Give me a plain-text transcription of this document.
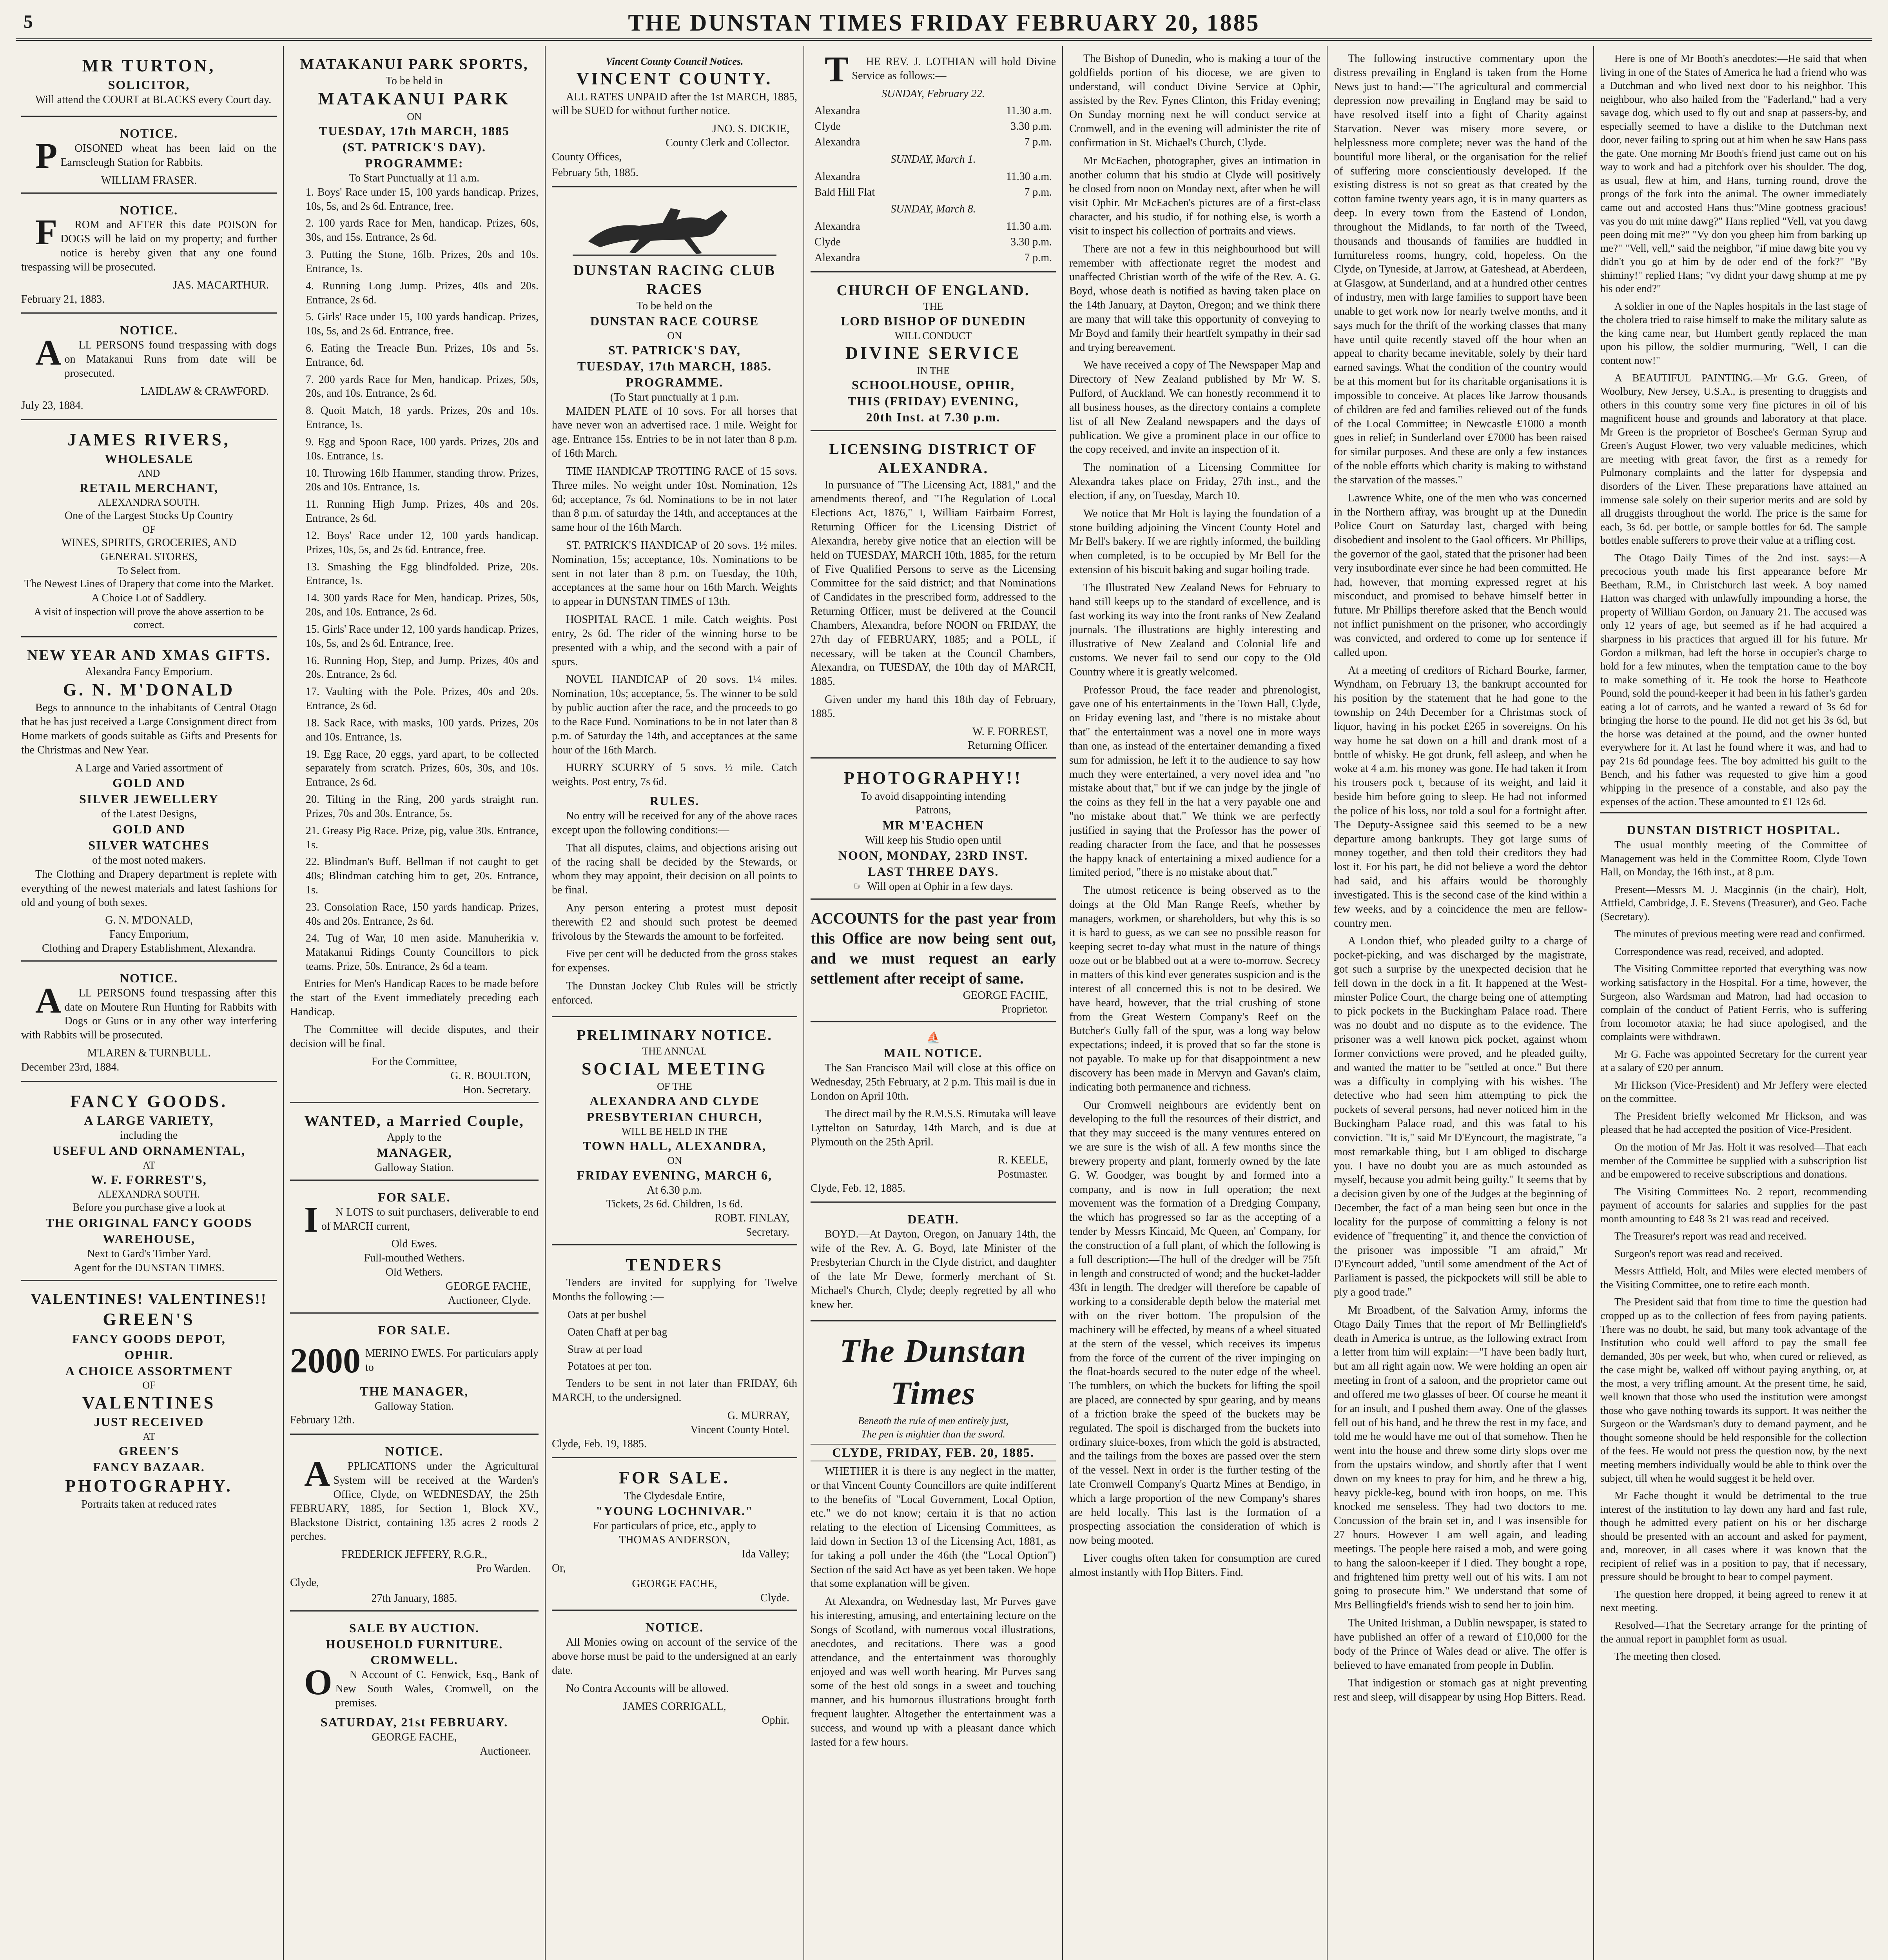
5	THE DUNSTAN TIMES FRIDAY FEBRUARY 20, 1885
MR TURTON,
SOLICITOR,

Will attend the COURT at BLACKS every Court day.

NOTICE.

POISONED wheat has been laid on the Earnscleugh Station for Rabbits.

WILLIAM FRASER.
NOTICE.

FROM and AFTER this date POISON for DOGS will be laid on my property; and further notice is hereby given that any one found trespassing will be prosecuted.

JAS. MACARTHUR.
February 21, 1883.
NOTICE.

ALL PERSONS found trespassing with dogs on Matakanui Runs from date will be prosecuted.

LAIDLAW & CRAWFORD.
July 23, 1884.
JAMES RIVERS,
WHOLESALE
AND
RETAIL MERCHANT,
ALEXANDRA SOUTH.
One of the Largest Stocks Up Country
OF
WINES, SPIRITS, GROCERIES, AND
GENERAL STORES,
To Select from.
The Newest Lines of Drapery that come into the Market.
A Choice Lot of Saddlery.
A visit of inspection will prove the above assertion to be correct.
NEW YEAR AND XMAS GIFTS.
Alexandra Fancy Emporium.
G. N. M'DONALD

Begs to announce to the inhabitants of Central Otago that he has just received a Large Consignment direct from Home markets of goods suitable as Gifts and Presents for the Christmas and New Year.

A Large and Varied assortment of
GOLD AND
SILVER JEWELLERY
of the Latest Designs,
GOLD AND
SILVER WATCHES
of the most noted makers.

The Clothing and Drapery department is replete with everything of the newest materials and latest fashions for old and young of both sexes.

G. N. M'DONALD,
Fancy Emporium,
Clothing and Drapery Establishment, Alexandra.
NOTICE.

ALL PERSONS found trespassing after this date on Moutere Run Hunting for Rabbits with Dogs or Guns or in any other way interfering with Rabbits will be prosecuted.

M'LAREN & TURNBULL.
December 23rd, 1884.
FANCY GOODS.
A LARGE VARIETY,
including the
USEFUL AND ORNAMENTAL,
AT
W. F. FORREST'S,
ALEXANDRA SOUTH.
Before you purchase give a look at
THE ORIGINAL FANCY GOODS
WAREHOUSE,
Next to Gard's Timber Yard.
Agent for the DUNSTAN TIMES.
VALENTINES! VALENTINES!!
GREEN'S
FANCY GOODS DEPOT,
OPHIR.
A CHOICE ASSORTMENT
OF
VALENTINES
JUST RECEIVED
AT
GREEN'S
FANCY BAZAAR.
PHOTOGRAPHY.
Portraits taken at reduced rates
MATAKANUI PARK SPORTS,
To be held in
MATAKANUI PARK
ON
TUESDAY, 17th MARCH, 1885
(ST. PATRICK'S DAY).
PROGRAMME:
To Start Punctually at 11 a.m.

1. Boys' Race under 15, 100 yards handicap. Prizes, 10s, 5s, and 2s 6d. Entrance, free.

2. 100 yards Race for Men, handicap. Prizes, 60s, 30s, and 15s. Entrance, 2s 6d.

3. Putting the Stone, 16lb. Prizes, 20s and 10s. Entrance, 1s.

4. Running Long Jump. Prizes, 40s and 20s. Entrance, 2s 6d.

5. Girls' Race under 15, 100 yards handicap. Prizes, 10s, 5s, and 2s 6d. Entrance, free.

6. Eating the Treacle Bun. Prizes, 10s and 5s. Entrance, 6d.

7. 200 yards Race for Men, handicap. Prizes, 50s, 20s, and 10s. Entrance, 2s 6d.

8. Quoit Match, 18 yards. Prizes, 20s and 10s. Entrance, 1s.

9. Egg and Spoon Race, 100 yards. Prizes, 20s and 10s. Entrance, 1s.

10. Throwing 16lb Hammer, standing throw. Prizes, 20s and 10s. Entrance, 1s.

11. Running High Jump. Prizes, 40s and 20s. Entrance, 2s 6d.

12. Boys' Race under 12, 100 yards handicap. Prizes, 10s, 5s, and 2s 6d. Entrance, free.

13. Smashing the Egg blindfolded. Prize, 20s. Entrance, 1s.

14. 300 yards Race for Men, handicap. Prizes, 50s, 20s, and 10s. Entrance, 2s 6d.

15. Girls' Race under 12, 100 yards handicap. Prizes, 10s, 5s, and 2s 6d. Entrance, free.

16. Running Hop, Step, and Jump. Prizes, 40s and 20s. Entrance, 2s 6d.

17. Vaulting with the Pole. Prizes, 40s and 20s. Entrance, 2s 6d.

18. Sack Race, with masks, 100 yards. Prizes, 20s and 10s. Entrance, 1s.

19. Egg Race, 20 eggs, yard apart, to be collected separately from scratch. Prizes, 60s, 30s, and 10s. Entrance, 2s 6d.

20. Tilting in the Ring, 200 yards straight run. Prizes, 70s and 30s. Entrance, 5s.

21. Greasy Pig Race. Prize, pig, value 30s. Entrance, 1s.

22. Blindman's Buff. Bellman if not caught to get 40s; Blindman catching him to get, 20s. Entrance, 1s.

23. Consolation Race, 150 yards handicap. Prizes, 40s and 20s. Entrance, 2s 6d.

24. Tug of War, 10 men aside. Manuherikia v. Matakanui Ridings County Councillors to pick teams. Prize, 50s. Entrance, 2s 6d a team.

Entries for Men's Handicap Races to be made before the start of the Event immediately preceding each Handicap.

The Committee will decide disputes, and their decision will be final.

For the Committee,
G. R. BOULTON,
Hon. Secretary.
WANTED, a Married Couple,
Apply to the
MANAGER,
Galloway Station.
FOR SALE.

IN LOTS to suit purchasers, deliverable to end of MARCH current,

Old Ewes.
Full-mouthed Wethers.
Old Wethers.
GEORGE FACHE,
Auctioneer, Clyde.
FOR SALE.
2000 MERINO EWES. For particulars apply to
THE MANAGER,
Galloway Station.
February 12th.
NOTICE.

APPLICATIONS under the Agricultural System will be received at the Warden's Office, Clyde, on WEDNESDAY, the 25th FEBRUARY, 1885, for Section 1, Block XV., Blackstone District, containing 135 acres 2 roods 2 perches.

FREDERICK JEFFERY, R.G.R.,
Pro Warden.
Clyde,
27th January, 1885.
SALE BY AUCTION.
HOUSEHOLD FURNITURE.
CROMWELL.

ON Account of C. Fenwick, Esq., Bank of New South Wales, Cromwell, on the premises.

SATURDAY, 21st FEBRUARY.
GEORGE FACHE,
Auctioneer.
Vincent County Council Notices.
VINCENT COUNTY.

ALL RATES UNPAID after the 1st MARCH, 1885, will be SUED for without further notice.

JNO. S. DICKIE,
County Clerk and Collector.
County Offices,
February 5th, 1885.
DUNSTAN RACING CLUB RACES
To be held on the
DUNSTAN RACE COURSE
ON
ST. PATRICK'S DAY,
TUESDAY, 17th MARCH, 1885.
PROGRAMME.
(To Start punctually at 1 p.m.

MAIDEN PLATE of 10 sovs. For all horses that have never won an advertised race. 1 mile. Weight for age. Entrance 15s. Entries to be in not later than 8 p.m. of 16th March.

TIME HANDICAP TROTTING RACE of 15 sovs. Three miles. No weight under 10st. Nomination, 12s 6d; acceptance, 7s 6d. Nominations to be in not later than 8 p.m. of saturday the 14th, and acceptances at the same hour of the 16th March.

ST. PATRICK'S HANDICAP of 20 sovs. 1½ miles. Nomination, 15s; acceptance, 10s. Nominations to be sent in not later than 8 p.m. on Tuesday, the 10th, acceptances at the same hour on 16th March. Weights to appear in DUNSTAN TIMES of 13th.

HOSPITAL RACE. 1 mile. Catch weights. Post entry, 2s 6d. The rider of the winning horse to be presented with a whip, and the second with a pair of spurs.

NOVEL HANDICAP of 20 sovs. 1¼ miles. Nomination, 10s; acceptance, 5s. The winner to be sold by public auction after the race, and the proceeds to go to the Race Fund. Nominations to be in not later than 8 p.m. of Saturday the 14th, and acceptances at the same hour of the 16th March.

HURRY SCURRY of 5 sovs. ½ mile. Catch weights. Post entry, 7s 6d.

RULES.

No entry will be received for any of the above races except upon the following conditions:—

That all disputes, claims, and objections arising out of the racing shall be decided by the Stewards, or whom they may appoint, their decision on all points to be final.

Any person entering a protest must deposit therewith £2 and should such protest be deemed frivolous by the Stewards the amount to be forfeited.

Five per cent will be deducted from the gross stakes for expenses.

The Dunstan Jockey Club Rules will be strictly enforced.

PRELIMINARY NOTICE.
THE ANNUAL
SOCIAL MEETING
OF THE
ALEXANDRA AND CLYDE
PRESBYTERIAN CHURCH,
WILL BE HELD IN THE
TOWN HALL, ALEXANDRA,
ON
FRIDAY EVENING, MARCH 6,
At 6.30 p.m.
Tickets, 2s 6d. Children, 1s 6d.
ROBT. FINLAY,
Secretary.
TENDERS

Tenders are invited for supplying for Twelve Months the following :—

Oats at per bushel
Oaten Chaff at per bag
Straw at per load
Potatoes at per ton.

Tenders to be sent in not later than FRIDAY, 6th MARCH, to the undersigned.

G. MURRAY,
Vincent County Hotel.
Clyde, Feb. 19, 1885.
FOR SALE.
The Clydesdale Entire,
"YOUNG LOCHNIVAR."
For particulars of price, etc., apply to
THOMAS ANDERSON,
Ida Valley;
Or,
GEORGE FACHE,
Clyde.
NOTICE.

All Monies owing on account of the service of the above horse must be paid to the undersigned at an early date.

No Contra Accounts will be allowed.

JAMES CORRIGALL,
Ophir.

THE REV. J. LOTHIAN will hold Divine Service as follows:—

SUNDAY, February 22.
Alexandra	11.30 a.m.
Clyde	3.30 p.m.
Alexandra	7 p.m.
SUNDAY, March 1.
Alexandra	11.30 a.m.
Bald Hill Flat	7 p.m.
SUNDAY, March 8.
Alexandra	11.30 a.m.
Clyde	3.30 p.m.
Alexandra	7 p.m.
CHURCH OF ENGLAND.
THE
LORD BISHOP OF DUNEDIN
WILL CONDUCT
DIVINE SERVICE
IN THE
SCHOOLHOUSE, OPHIR,
THIS (FRIDAY) EVENING,
20th Inst. at 7.30 p.m.
LICENSING DISTRICT OF ALEXANDRA.

In pursuance of "The Licensing Act, 1881," and the amendments thereof, and "The Regulation of Local Elections Act, 1876," I, William Fairbairn Forrest, Returning Officer for the Licensing District of Alexandra, hereby give notice that an election will be held on TUESDAY, MARCH 10th, 1885, for the return of Five Qualified Persons to serve as the Licensing Committee for the said district; and that Nominations of Candidates in the prescribed form, addressed to the Returning Officer, must be delivered at the Council Chambers, Alexandra, before NOON on FRIDAY, the 27th day of FEBRUARY, 1885; and a POLL, if necessary, will be taken at the Council Chambers, Alexandra, on TUESDAY, the 10th day of MARCH, 1885.

Given under my hand this 18th day of February, 1885.

W. F. FORREST,
Returning Officer.
PHOTOGRAPHY!!
To avoid disappointing intending
Patrons,
MR M'EACHEN
Will keep his Studio open until
NOON, MONDAY, 23RD INST.
LAST THREE DAYS.
☞ Will open at Ophir in a few days.
ACCOUNTS for the past year from this Office are now being sent out, and we must request an early settlement after receipt of same.
GEORGE FACHE,
Proprietor.
⛵
MAIL NOTICE.

The San Francisco Mail will close at this office on Wednesday, 25th February, at 2 p.m. This mail is due in London on April 10th.

The direct mail by the R.M.S.S. Rimutaka will leave Lyttelton on Saturday, 14th March, and is due at Plymouth on the 25th April.

R. KEELE,
Postmaster.
Clyde, Feb. 12, 1885.
DEATH.

BOYD.—At Dayton, Oregon, on January 14th, the wife of the Rev. A. G. Boyd, late Minister of the Presbyterian Church in the Clyde district, and daughter of the late Mr Dewe, formerly merchant of St. Michael's Church, Clyde; deeply regretted by all who knew her.

The Dunstan Times
Beneath the rule of men entirely just,
The pen is mightier than the sword.
CLYDE, FRIDAY, FEB. 20, 1885.

WHETHER it is there is any neglect in the matter, or that Vincent County Councillors are quite indifferent to the benefits of "Local Government, Local Option, etc." we do not know; certain it is that no action relating to the election of Licensing Committees, as laid down in Section 13 of the Licensing Act, 1881, as for taking a poll under the 46th (the "Local Option") Section of the said Act have as yet been taken. We hope that some explanation will be given.

At Alexandra, on Wednesday last, Mr Purves gave his interesting, amusing, and entertaining lecture on the Songs of Scotland, with numerous vocal illustrations, anecdotes, and recitations. There was a good attendance, and the entertainment was thoroughly enjoyed and was well worth hearing. Mr Purves sang some of the best old songs in a sweet and touching manner, and his humorous illustrations brought forth frequent laughter. Altogether the entertainment was a success, and wound up with a pleasant dance which lasted for a few hours.

The Bishop of Dunedin, who is making a tour of the goldfields portion of his diocese, we are given to understand, will conduct Divine Service at Ophir, assisted by the Rev. Fynes Clinton, this Friday evening; On Sunday morning next he will conduct service at Cromwell, and in the evening will administer the rite of confirmation in St. Michael's Church, Clyde.

Mr McEachen, photographer, gives an intimation in another column that his studio at Clyde will positively be closed from noon on Monday next, after when he will visit Ophir. Mr McEachen's pictures are of a first-class character, and his studio, if for nothing else, is worth a visit to inspect his collection of portraits and views.

There are not a few in this neighbourhood but will remember with affectionate regret the modest and unaffected Christian worth of the wife of the Rev. A. G. Boyd, whose death is notified as having taken place on the 14th January, at Dayton, Oregon; and we think there are many that will take this opportunity of conveying to Mr Boyd and family their heartfelt sympathy in their sad and trying bereavement.

We have received a copy of The Newspaper Map and Directory of New Zealand published by Mr W. S. Pulford, of Auckland. We can honestly recommend it to all business houses, as the directory contains a complete list of all New Zealand newspapers and the days of publication. We give a prominent place in our office to the copy received, and invite an inspection of it.

The nomination of a Licensing Committee for Alexandra takes place on Friday, 27th inst., and the election, if any, on Tuesday, March 10.

We notice that Mr Holt is laying the foundation of a stone building adjoining the Vincent County Hotel and Mr Bell's bakery. If we are rightly informed, the building when completed, is to be occupied by Mr Bell for the extension of his biscuit baking and sugar boiling trade.

The Illustrated New Zealand News for February to hand still keeps up to the standard of excellence, and is fast working its way into the front ranks of New Zealand journals. The illustrations are highly interesting and illustrative of New Zealand and Colonial life and customs. We never fail to send our copy to the Old Country where it is greatly welcomed.

Professor Proud, the face reader and phrenologist, gave one of his entertainments in the Town Hall, Clyde, on Friday evening last, and "there is no mistake about that" the entertainment was a novel one in more ways than one, as instead of the entertainer demanding a fixed sum for admission, he left it to the audience to say how much they were entertained, a very novel idea and "no mistake about that," but if we can judge by the jingle of the coins as they fell in the hat a very payable one and "no mistake about that." We think we are perfectly justified in saying that the Professor has the power of reading character from the face, and that he possesses the happy knack of entertaining a mixed audience for a limited period, "there is no mistake about that."

The utmost reticence is being observed as to the doings at the Old Man Range Reefs, whether by managers, workmen, or shareholders, but why this is so it is hard to guess, as we can see no possible reason for keeping secret to-day what must in the nature of things ooze out or be blabbed out at a were to-morrow. Secrecy in matters of this kind ever generates suspicion and is the interest of all concerned this is not to be desired. We have heard, however, that the trial crushing of stone from the Great Western Company's Reef on the Butcher's Gully fall of the spur, was a long way below expectations; indeed, it is proved that so far the stone is not payable. To make up for that disappointment a new discovery has been made in Mervyn and Gavan's claim, indicating both permanence and richness.

Our Cromwell neighbours are evidently bent on developing to the full the resources of their district, and that they may succeed is the many ventures entered on we are sure is the wish of all. A few months since the brewery property and plant, formerly owned by the late G. W. Goodger, was bought by and formed into a company, and is now in full operation; the next movement was the formation of a Dredging Company, the which has progressed so far as the accepting of a tender by Messrs Kincaid, Mc Queen, an' Company, for the construction of a full plant, of which the following is a full description:—The hull of the dredger will be 75ft in length and constructed of wood; and the bucket-ladder 43ft in length. The dredger will therefore be capable of working to a considerable depth below the material met with on the river bottom. The propulsion of the machinery will be effected, by means of a wheel situated at the stern of the vessel, which receives its impetus from the force of the current of the river impinging on the float-boards secured to the outer edge of the wheel. The tumblers, on which the buckets for lifting the spoil are placed, are connected by spur gearing, and by means of a friction brake the speed of the buckets may be regulated. The spoil is discharged from the buckets into ordinary sluice-boxes, from which the gold is abstracted, and the tailings from the boxes are passed over the stern of the vessel. Next in order is the further testing of the late Cromwell Company's Quartz Mines at Bendigo, in which a large proportion of the new Company's shares are held locally. This last is the formation of a prospecting association the consideration of which is now being mooted.

Liver coughs often taken for consumption are cured almost instantly with Hop Bitters. Find.

The following instructive commentary upon the distress prevailing in England is taken from the Home News just to hand:—"The agricultural and commercial depression now prevailing in England may be said to have resolved itself into a fight of Charity against Starvation. Never was misery more severe, or helplessness more complete; never was the hand of the bountiful more liberal, or the organisation for the relief of suffering more conscientiously developed. If the existing distress is not so great as that created by the cotton famine twenty years ago, it is in many quarters as deep. In every town from the Eastend of London, throughout the Midlands, to far north of the Tweed, thousands and thousands of families are huddled in furnitureless rooms, hungry, cold, hopeless. On the Clyde, on Tyneside, at Jarrow, at Gateshead, at Aberdeen, at Glasgow, at Sunderland, and at a hundred other centres of industry, men with large families to support have been unable to get work now for nearly twelve months, and it says much for the thrift of the working classes that many have until quite recently staved off the hour when an appeal to charity became inevitable, solely by their hard earned savings. What the condition of the country would be at this moment but for its charitable organisations it is impossible to conceive. At places like Jarrow thousands of children are fed and families relieved out of the funds of the Local Committee; in Newcastle £1000 a month goes in relief; in Sunderland over £7000 has been raised for similar purposes. And these are only a few instances of the noble efforts which charity is making to withstand the starvation of the masses."

Lawrence White, one of the men who was concerned in the Northern affray, was brought up at the Dunedin Police Court on Saturday last, charged with being disobedient and insolent to the Gaol officers. Mr Phillips, the governor of the gaol, stated that the prisoner had been very insubordinate ever since he had been committed. He had, however, that morning expressed regret at his misconduct, and promised to behave himself better in future. Mr Phillips therefore asked that the Bench would not inflict punishment on the prisoner, who accordingly was convicted, and ordered to come up for sentence if called upon.

At a meeting of creditors of Richard Bourke, farmer, Wyndham, on February 13, the bankrupt accounted for his position by the statement that he had gone to the township on 24th December for a Christmas stock of liquor, having in his pocket £265 in sovereigns. On his way home he sat down on a hill and drank most of a bottle of whisky. He got drunk, fell asleep, and when he woke at 4 a.m. his money was gone. He had taken it from his trousers pock t, because of its weight, and laid it beside him before going to sleep. He had not informed the police of his loss, nor told a soul for a fortnight after. The Deputy-Assignee said this seemed to be a new departure among bankrupts. They got large sums of money together, and then told their creditors they had lost it. For his part, he did not believe a word the debtor had said, and his affairs would be thoroughly investigated. This is the second case of the kind within a few weeks, and by a coincidence the men are fellow-country men.

A London thief, who pleaded guilty to a charge of pocket-picking, and was discharged by the magistrate, got such a surprise by the unexpected decision that he fell down in the dock in a fit. It happened at the West-minster Police Court, the charge being one of attempting to pick pockets in the Buckingham Palace road. There was no doubt and no dispute as to the evidence. The prisoner was a well known pick pocket, against whom former convictions were proved, and he pleaded guilty, and wanted the matter to be "settled at once." But there was a difficulty in complying with his wishes. The detective who had seen him attempting to pick the pockets of several persons, had never noticed him in the Buckingham Palace road, and this was fatal to his conviction. "It is," said Mr D'Eyncourt, the magistrate, "a most remarkable thing, but I am obliged to discharge you. I have no doubt you are as much astounded as myself, because you admit being guilty." It seems that by a decision given by one of the Judges at the beginning of December, the fact of a man being seen but once in the locality for the purpose of committing a felony is not evidence of "frequenting" it, and thence the conviction of the prisoner was impossible "I am afraid," Mr D'Eyncourt added, "until some amendment of the Act of Parliament is passed, the pickpockets will still be able to ply a good trade."

Mr Broadbent, of the Salvation Army, informs the Otago Daily Times that the report of Mr Bellingfield's death in America is untrue, as the following extract from a letter from him will explain:—"I have been badly hurt, but am all right again now. We were holding an open air meeting in front of a saloon, and the proprietor came out and offered me two glasses of beer. Of course he meant it for an insult, and I pushed them away. One of the glasses fell out of his hand, and he threw the rest in my face, and told me he would have me out of that somehow. Then he went into the house and threw some dirty slops over me from the upstairs window, and shortly after that I went down on my knees to pray for him, and he threw a big, heavy pickle-keg, bound with iron hoops, on me. This knocked me senseless. They had two doctors to me. Concussion of the brain set in, and I was insensible for 27 hours. However I am well again, and leading meetings. The people here raised a mob, and were going to hang the saloon-keeper if I died. They bought a rope, and frightened him pretty well out of his wits. I am not going to prosecute him." We understand that some of Mrs Bellingfield's friends wish to send her to join him.

The United Irishman, a Dublin newspaper, is stated to have published an offer of a reward of £10,000 for the body of the Prince of Wales dead or alive. The offer is believed to have emanated from people in Dublin.

That indigestion or stomach gas at night preventing rest and sleep, will disappear by using Hop Bitters. Read.

Here is one of Mr Booth's anecdotes:—He said that when living in one of the States of America he had a friend who was a Dutchman and who lived next door to his neighbor. This neighbour, who also hailed from the "Faderland," had a very savage dog, which used to fly out and snap at passers-by, and especially seemed to have a dislike to the Dutchman next door, never failing to spring out at him when he saw Hans pass the gate. One morning Mr Booth's friend just came out on his way to work and had a pitchfork over his shoulder. The dog, as usual, flew at him, and Hans, turning round, drove the prongs of the fork into the animal. The owner immediately came out and accosted Hans thus:"Mine gootness gracious! vas you do mit mine dawg?" Hans replied "Vell, vat you dawg peen doing mit me?" "Vy don you gheep him from barking up me?" "Vell, vell," said the neighbor, "if mine dawg bite you vy didn't you go at him by de oder end of the fork?" "By shiminy!" replied Hans; "vy didnt your dawg shump at me py his oder end?"

A soldier in one of the Naples hospitals in the last stage of the cholera tried to raise himself to make the military salute as the king came near, but Humbert gently replaced the man upon his pillow, the soldier murmuring, "Well, I can die content now!"

A BEAUTIFUL PAINTING.—Mr G.G. Green, of Woolbury, New Jersey, U.S.A., is presenting to druggists and others in this country some very fine pictures in oil of his magnificent house and grounds and laboratory at that place. Mr Green is the proprietor of Boschee's German Syrup and Green's August Flower, two very valuable medicines, which are meeting with great favor, the first as a remedy for Pulmonary complaints and the latter for dyspepsia and disorders of the Liver. These preparations have attained an immense sale solely on their superior merits and are sold by all druggists throughout the world. The price is the same for each, 3s 6d. per bottle, or sample bottles for 6d. The sample bottles enable sufferers to prove their value at a trifling cost.

The Otago Daily Times of the 2nd inst. says:—A precocious youth made his first appearance before Mr Beetham, R.M., in Christchurch last week. A boy named Hatton was charged with unlawfully impounding a horse, the property of William Gordon, on January 21. The accused was only 12 years of age, but seemed as if he had acquired a sharpness in his practices that argued ill for his future. Mr Gordon a milkman, had left the horse in occupier's charge to hold for a few minutes, when the temptation came to the boy to make something of it. He took the horse to Heathcote Pound, sold the pound-keeper it had been in his father's garden eating a lot of carrots, and he wanted a reward of 3s 6d for bringing the horse to the pound. He did not get his 3s 6d, but the horse was detained at the pound, and the owner hunted everywhere for it. At last he found where it was, and had to pay 21s 6d poundage fees. The boy admitted his guilt to the Bench, and his father was requested to give him a good whipping in the presence of a constable, and also pay the expenses of the action. These amounted to £1 12s 6d.

DUNSTAN DISTRICT HOSPITAL.

The usual monthly meeting of the Committee of Management was held in the Committee Room, Clyde Town Hall, on Monday, the 16th inst., at 8 p.m.

Present—Messrs M. J. Macginnis (in the chair), Holt, Attfield, Cambridge, J. E. Stevens (Treasurer), and Geo. Fache (Secretary).

The minutes of previous meeting were read and confirmed.

Correspondence was read, received, and adopted.

The Visiting Committee reported that everything was now working satisfactory in the Hospital. For a time, however, the Surgeon, also Wardsman and Matron, had had occasion to complain of the conduct of Patient Ferris, who is suffering from locomotor ataxia; he had since apologised, and the complaints were withdrawn.

Mr G. Fache was appointed Secretary for the current year at a salary of £20 per annum.

Mr Hickson (Vice-President) and Mr Jeffery were elected on the committee.

The President briefly welcomed Mr Hickson, and was pleased that he had accepted the position of Vice-President.

On the motion of Mr Jas. Holt it was resolved—That each member of the Committee be supplied with a subscription list and be empowered to receive subscriptions and donations.

The Visiting Committees No. 2 report, recommending payment of accounts for salaries and supplies for the past month amounting to £48 3s 21 was read and received.

The Treasurer's report was read and received.

Surgeon's report was read and received.

Messrs Attfield, Holt, and Miles were elected members of the Visiting Committee, one to retire each month.

The President said that from time to time the question had cropped up as to the collection of fees from paying patients. There was no doubt, he said, but many took advantage of the Institution who could well afford to pay the small fee demanded, 30s per week, but who, when cured or relieved, as the case might be, walked off without paying anything, or, at the most, a very trifling amount. At the present time, he said, well known that those who used the institution were amongst those who gave nothing towards its support. It was neither the Surgeon or the Wardsman's duty to demand payment, and he thought someone should be held responsible for the collection of the fees. He would not press the question now, by the next meeting members individually would be able to think over the subject, till when he would suggest it be held over.

Mr Fache thought it would be detrimental to the true interest of the institution to lay down any hard and fast rule, though he admitted every patient on his or her discharge should be presented with an account and asked for payment, and, moreover, in all cases where it was known that the recipient of relief was in a position to pay, that if necessary, pressure should be brought to bear to compel payment.

The question here dropped, it being agreed to renew it at next meeting.

Resolved—That the Secretary arrange for the printing of the annual report in pamphlet form as usual.

The meeting then closed.
